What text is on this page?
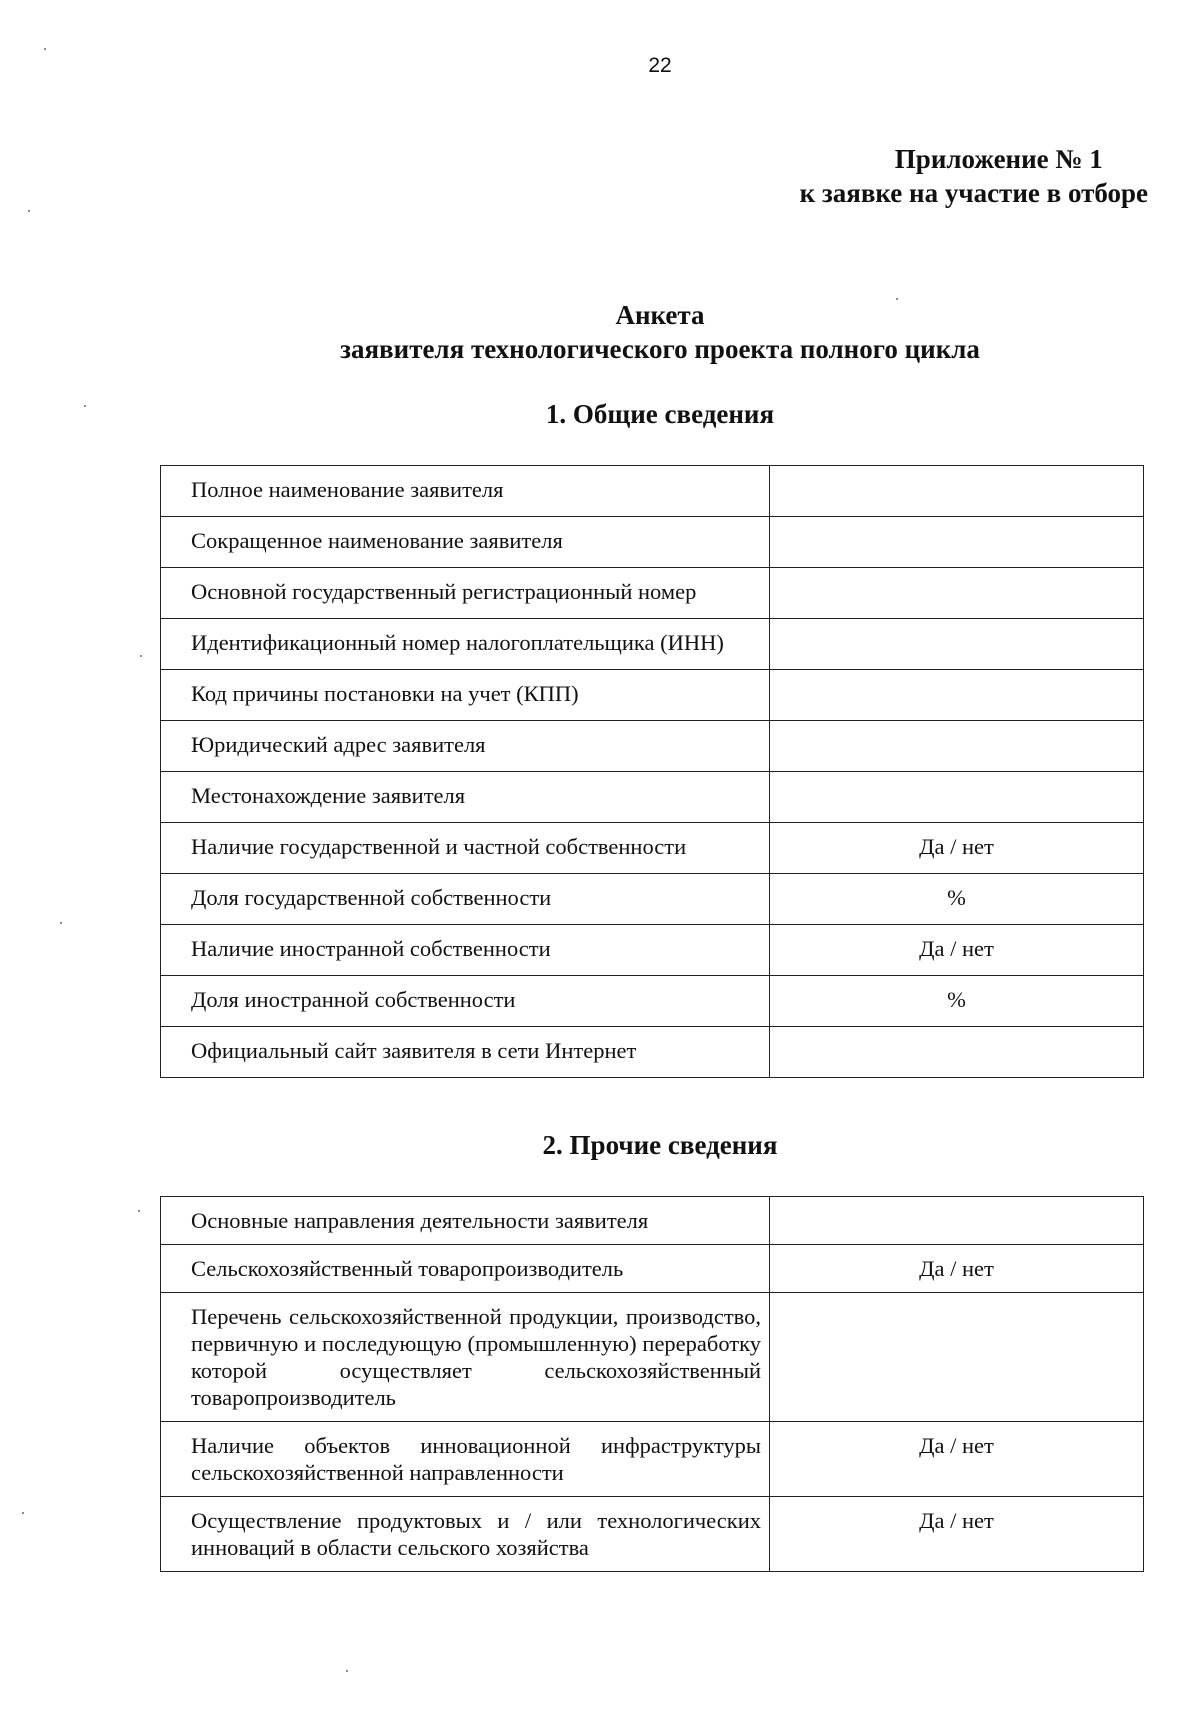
22
Приложение № 1
к заявке на участие в отборе
Анкета
заявителя технологического проекта полного цикла
1. Общие сведения
Полное наименование заявителя	
Сокращенное наименование заявителя	
Основной государственный регистрационный номер	
Идентификационный номер налогоплательщика (ИНН)	
Код причины постановки на учет (КПП)	
Юридический адрес заявителя	
Местонахождение заявителя	
Наличие государственной и частной собственности	Да / нет
Доля государственной собственности	%
Наличие иностранной собственности	Да / нет
Доля иностранной собственности	%
Официальный сайт заявителя в сети Интернет	
2. Прочие сведения
Основные направления деятельности заявителя	
Сельскохозяйственный товаропроизводитель	Да / нет
Перечень сельскохозяйственной продукции, производство, первичную и последующую (промышленную) переработку которой осуществляет сельскохозяйственный товаропроизводитель	
Наличие объектов инновационной инфраструктуры сельскохозяйственной направленности	Да / нет
Осуществление продуктовых и / или технологических инноваций в области сельского хозяйства	Да / нет
